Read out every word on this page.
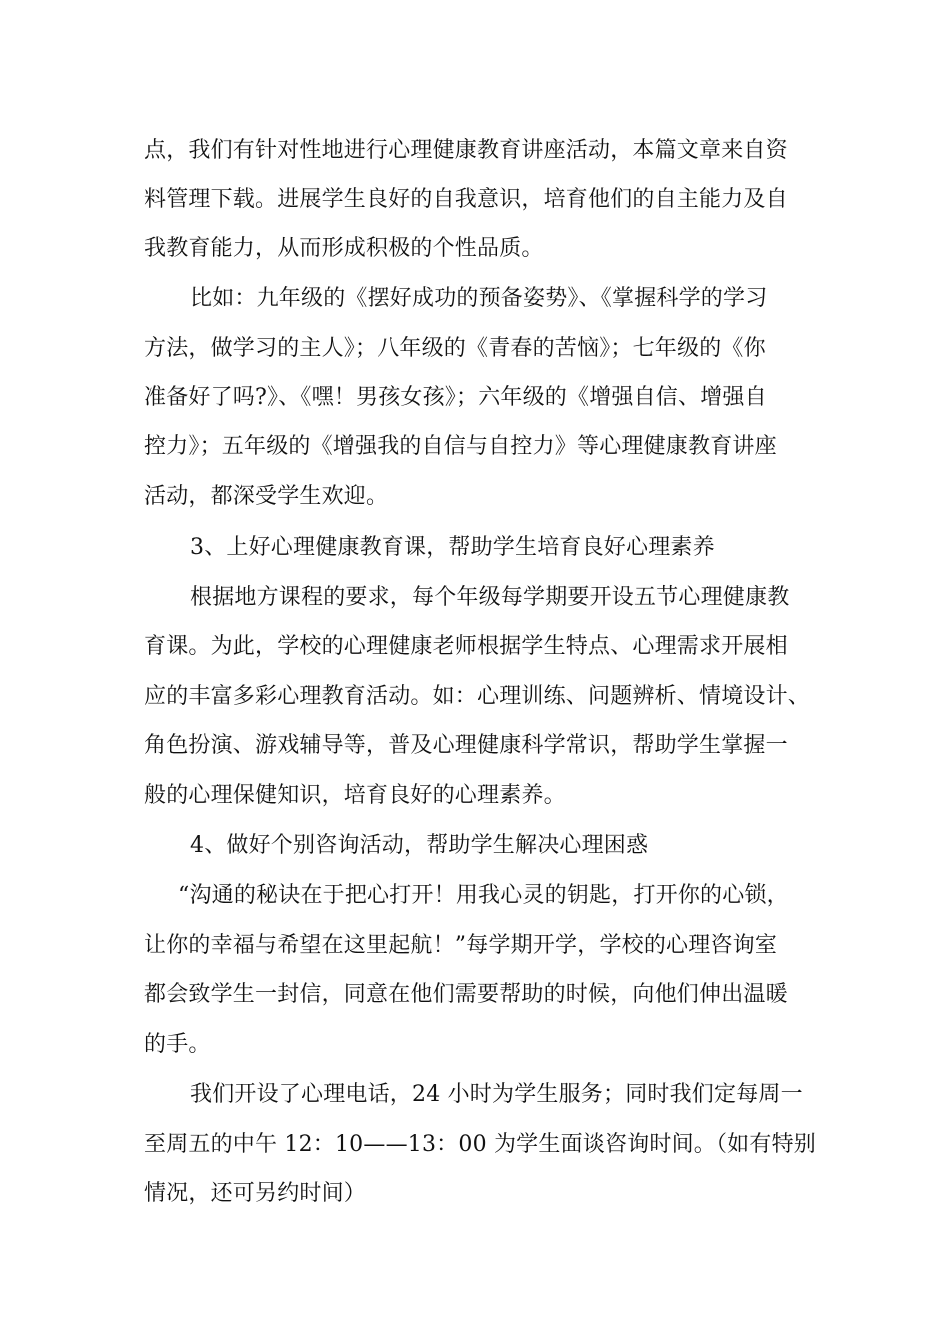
点，我们有针对性地进行心理健康教育讲座活动，本篇文章来自资
料管理下载。进展学生良好的自我意识，培育他们的自主能力及自
我教育能力，从而形成积极的个性品质。
比如：九年级的《摆好成功的预备姿势》、《掌握科学的学习
方法，做学习的主人》；八年级的《青春的苦恼》；七年级的《你
准备好了吗?》、《嘿！男孩女孩》；六年级的《增强自信、增强自
控力》；五年级的《增强我的自信与自控力》等心理健康教育讲座
活动，都深受学生欢迎。
3、上好心理健康教育课，帮助学生培育良好心理素养
根据地方课程的要求，每个年级每学期要开设五节心理健康教
育课。为此，学校的心理健康老师根据学生特点、心理需求开展相
应的丰富多彩心理教育活动。如：心理训练、问题辨析、情境设计、
角色扮演、游戏辅导等，普及心理健康科学常识，帮助学生掌握一
般的心理保健知识，培育良好的心理素养。
4、做好个别咨询活动，帮助学生解决心理困惑
“沟通的秘诀在于把心打开！用我心灵的钥匙，打开你的心锁，
让你的幸福与希望在这里起航！”每学期开学，学校的心理咨询室
都会致学生一封信，同意在他们需要帮助的时候，向他们伸出温暖
的手。
我们开设了心理电话，24 小时为学生服务；同时我们定每周一
至周五的中午 12：10——13：00 为学生面谈咨询时间。（如有特别
情况，还可另约时间）
